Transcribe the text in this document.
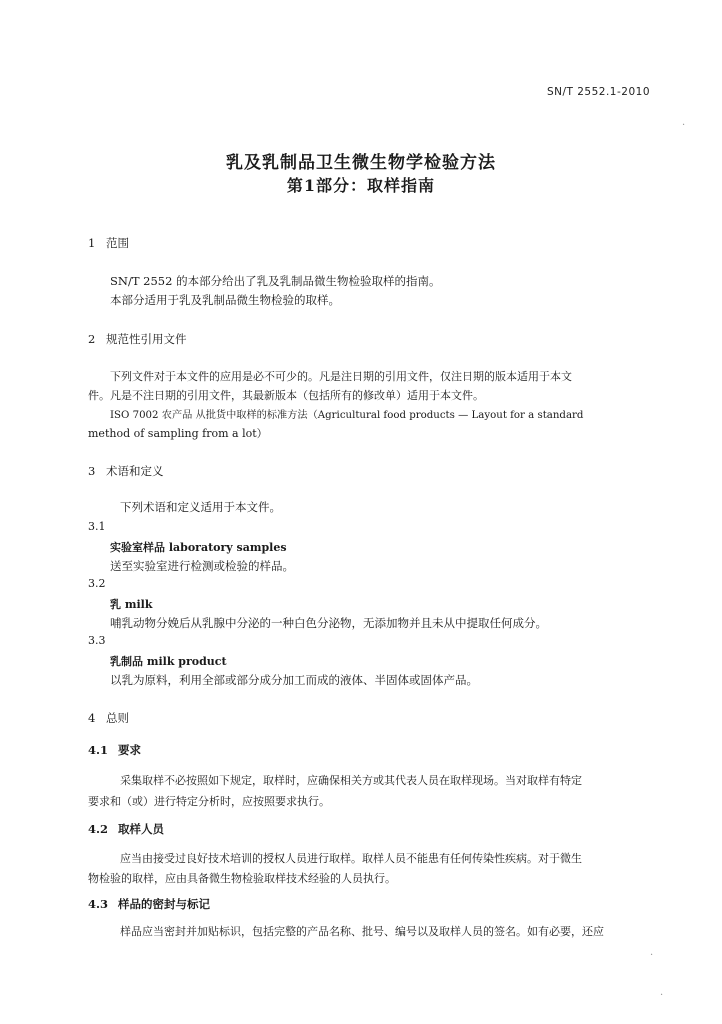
SN/T 2552.1-2010
乳及乳制品卫生微生物学检验方法
第1部分：取样指南
1 范围
SN/T 2552 的本部分给出了乳及乳制品微生物检验取样的指南。
本部分适用于乳及乳制品微生物检验的取样。
2 规范性引用文件
下列文件对于本文件的应用是必不可少的。凡是注日期的引用文件，仅注日期的版本适用于本文
件。凡是不注日期的引用文件，其最新版本（包括所有的修改单）适用于本文件。
ISO 7002 农产品 从批货中取样的标准方法（Agricultural food products — Layout for a standard
method of sampling from a lot）
3 术语和定义
下列术语和定义适用于本文件。
3.1
实验室样品 laboratory samples
送至实验室进行检测或检验的样品。
3.2
乳 milk
哺乳动物分娩后从乳腺中分泌的一种白色分泌物，无添加物并且未从中提取任何成分。
3.3
乳制品 milk product
以乳为原料，利用全部或部分成分加工而成的液体、半固体或固体产品。
4 总则
4.1 要求
采集取样不必按照如下规定，取样时，应确保相关方或其代表人员在取样现场。当对取样有特定
要求和（或）进行特定分析时，应按照要求执行。
4.2 取样人员
应当由接受过良好技术培训的授权人员进行取样。取样人员不能患有任何传染性疾病。对于微生
物检验的取样，应由具备微生物检验取样技术经验的人员执行。
4.3 样品的密封与标记
样品应当密封并加贴标识，包括完整的产品名称、批号、编号以及取样人员的签名。如有必要，还应
·
·
·
